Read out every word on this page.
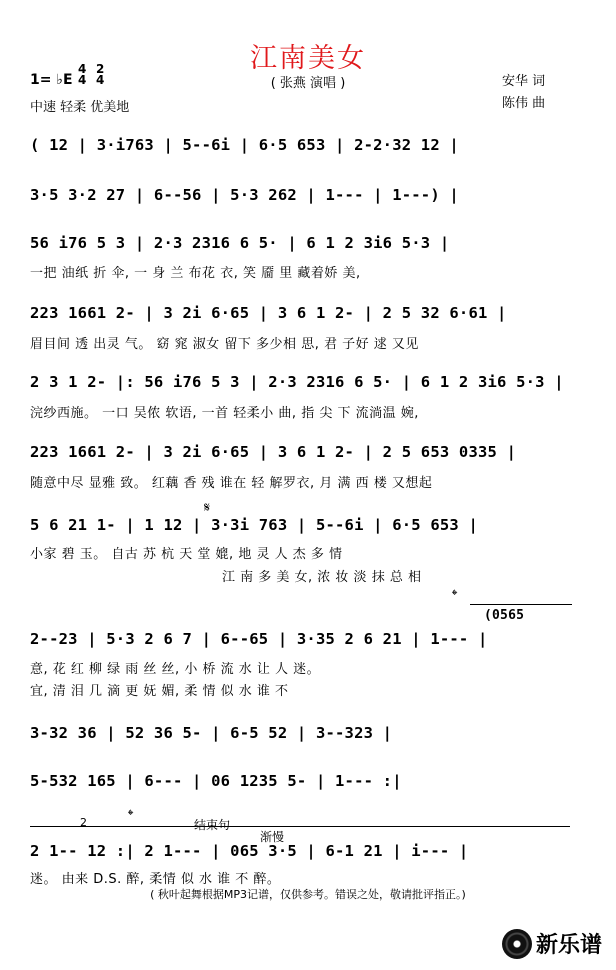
江南美女
( 张燕 演唱 )
1= ♭E
4
4
2
4
中速 轻柔 优美地
安华 词
陈伟 曲
( 12 | 3·i763 | 5--6i | 6·5 653 | 2-2·32 12 |
3·5 3·2 27 | 6--56 | 5·3 262 | 1--- | 1---) |
56 i76 5 3 | 2·3 2316 6 5· | 6 1 2 3i6 5·3 |
一把 油纸 折 伞, 一 身 兰 布花 衣, 笑 靥 里 藏着娇 美,
223 1661 2- | 3 2i 6·65 | 3 6 1 2- | 2 5 32 6·61 |
眉目间 透 出灵 气。 窈 窕 淑女 留下 多少相 思, 君 子好 逑 又见
2 3 1 2- |: 56 i76 5 3 | 2·3 2316 6 5· | 6 1 2 3i6 5·3 |
浣纱西施。 一口 吴侬 软语, 一首 轻柔小 曲, 指 尖 下 流淌温 婉,
223 1661 2- | 3 2i 6·65 | 3 6 1 2- | 2 5 653 0335 |
随意中尽 显雅 致。 红藕 香 残 谁在 轻 解罗衣, 月 满 西 楼 又想起
𝄋
5 6 21 1- | 1 12 | 3·3i 763 | 5--6i | 6·5 653 |
小家 碧 玉。 自古 苏 杭 天 堂 媲, 地 灵 人 杰 多 情
江 南 多 美 女, 浓 妆 淡 抹 总 相
𝄌
(0565
2--23 | 5·3 2 6 7 | 6--65 | 3·35 2 6 21 | 1--- |
意, 花 红 柳 绿 雨 丝 丝, 小 桥 流 水 让 人 迷。
宜, 清 泪 几 滴 更 妩 媚, 柔 情 似 水 谁 不
3-32 36 | 52 36 5- | 6-5 52 | 3--323 |
5-532 165 | 6--- | 06 1235 5- | 1--- :|
2	𝄌
结束句
渐慢
2 1-- 12 :| 2 1--- | 065 3·5 | 6-1 21 | i--- |
迷。 由来 D.S. 醉, 柔情 似 水 谁 不 醉。
( 秋叶起舞根据MP3记谱，仅供参考。错误之处，敬请批评指正。)
新乐谱
